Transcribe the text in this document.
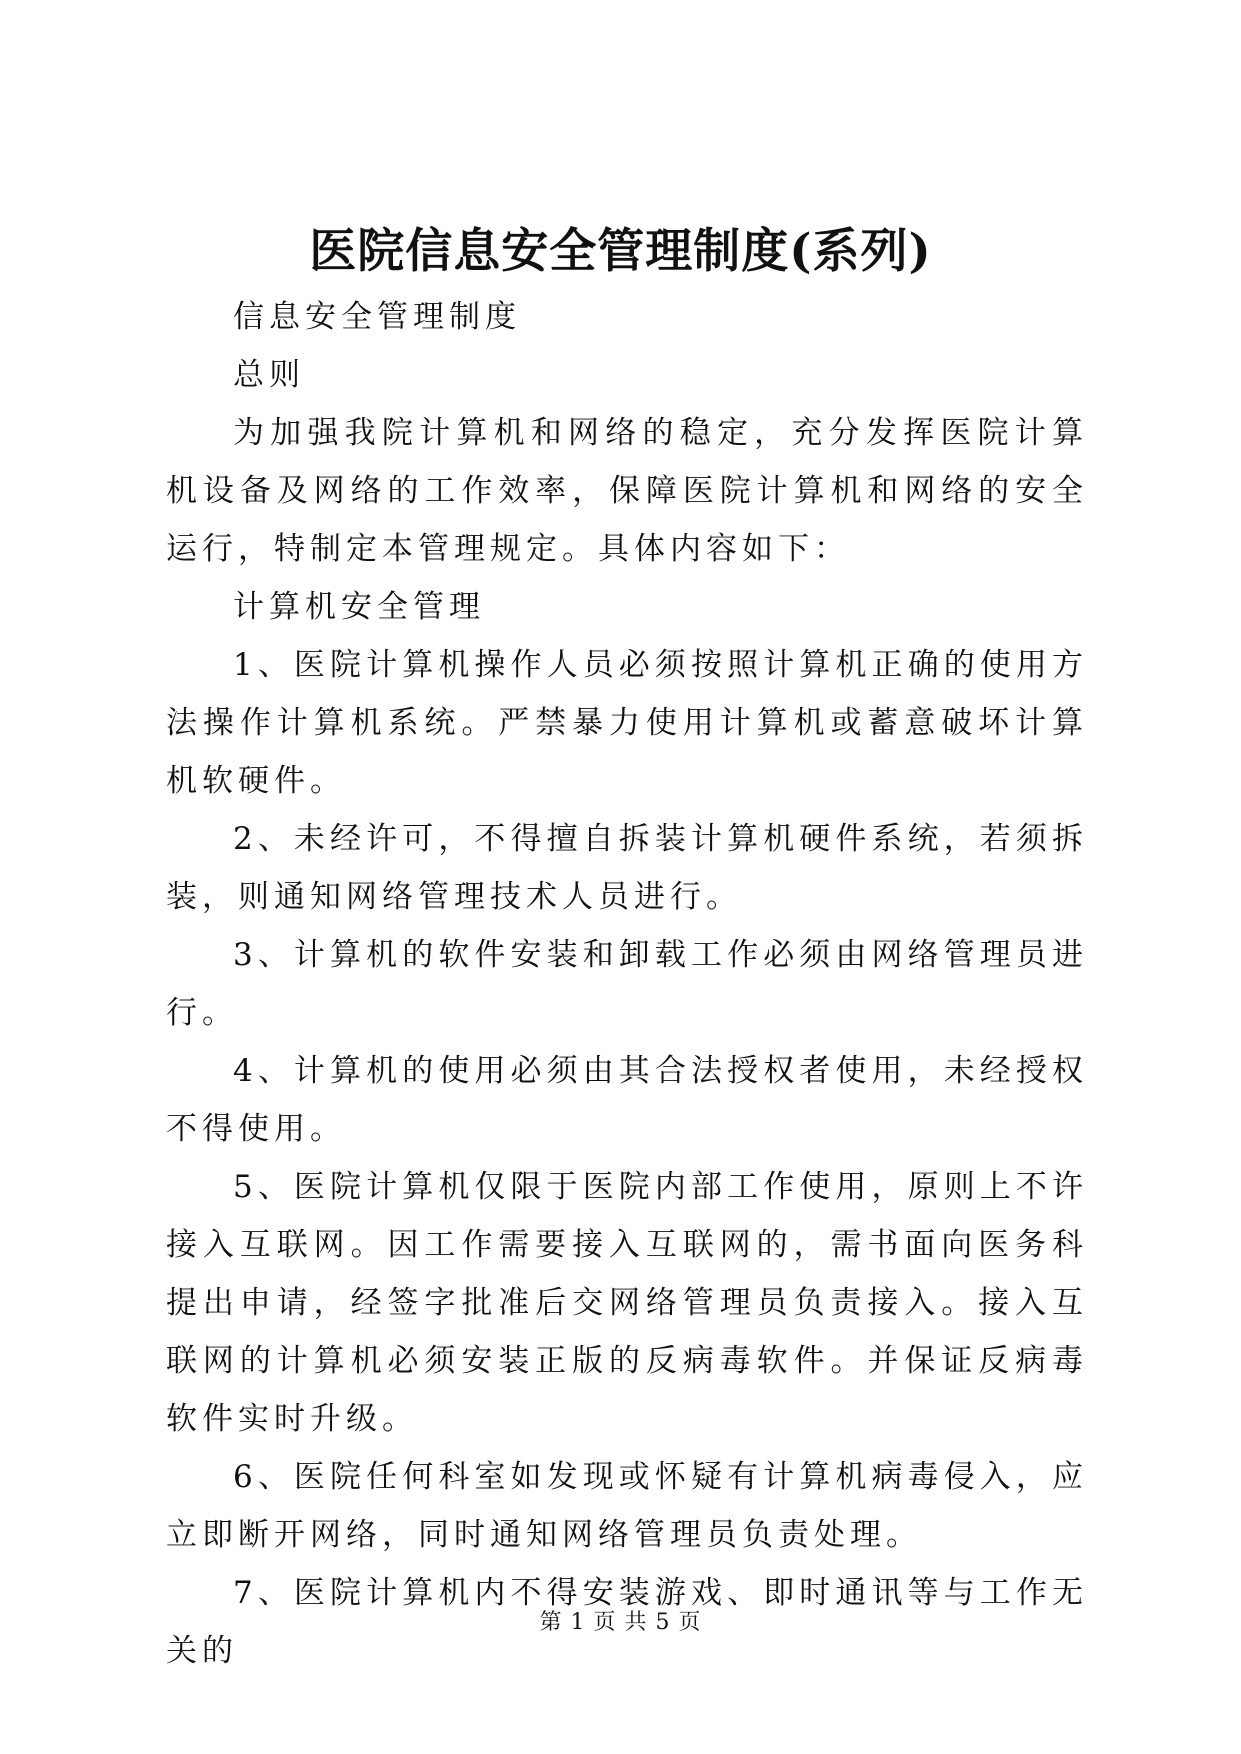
医院信息安全管理制度(系列)

信息安全管理制度

总则

为加强我院计算机和网络的稳定，充分发挥医院计算机设备及网络的工作效率，保障医院计算机和网络的安全运行，特制定本管理规定。具体内容如下：

计算机安全管理

1、医院计算机操作人员必须按照计算机正确的使用方法操作计算机系统。严禁暴力使用计算机或蓄意破坏计算机软硬件。

2、未经许可，不得擅自拆装计算机硬件系统，若须拆装，则通知网络管理技术人员进行。

3、计算机的软件安装和卸载工作必须由网络管理员进行。

4、计算机的使用必须由其合法授权者使用，未经授权不得使用。

5、医院计算机仅限于医院内部工作使用，原则上不许接入互联网。因工作需要接入互联网的，需书面向医务科提出申请，经签字批准后交网络管理员负责接入。接入互联网的计算机必须安装正版的反病毒软件。并保证反病毒软件实时升级。

6、医院任何科室如发现或怀疑有计算机病毒侵入，应立即断开网络，同时通知网络管理员负责处理。

7、医院计算机内不得安装游戏、即时通讯等与工作无关的

第 1 页 共 5 页
